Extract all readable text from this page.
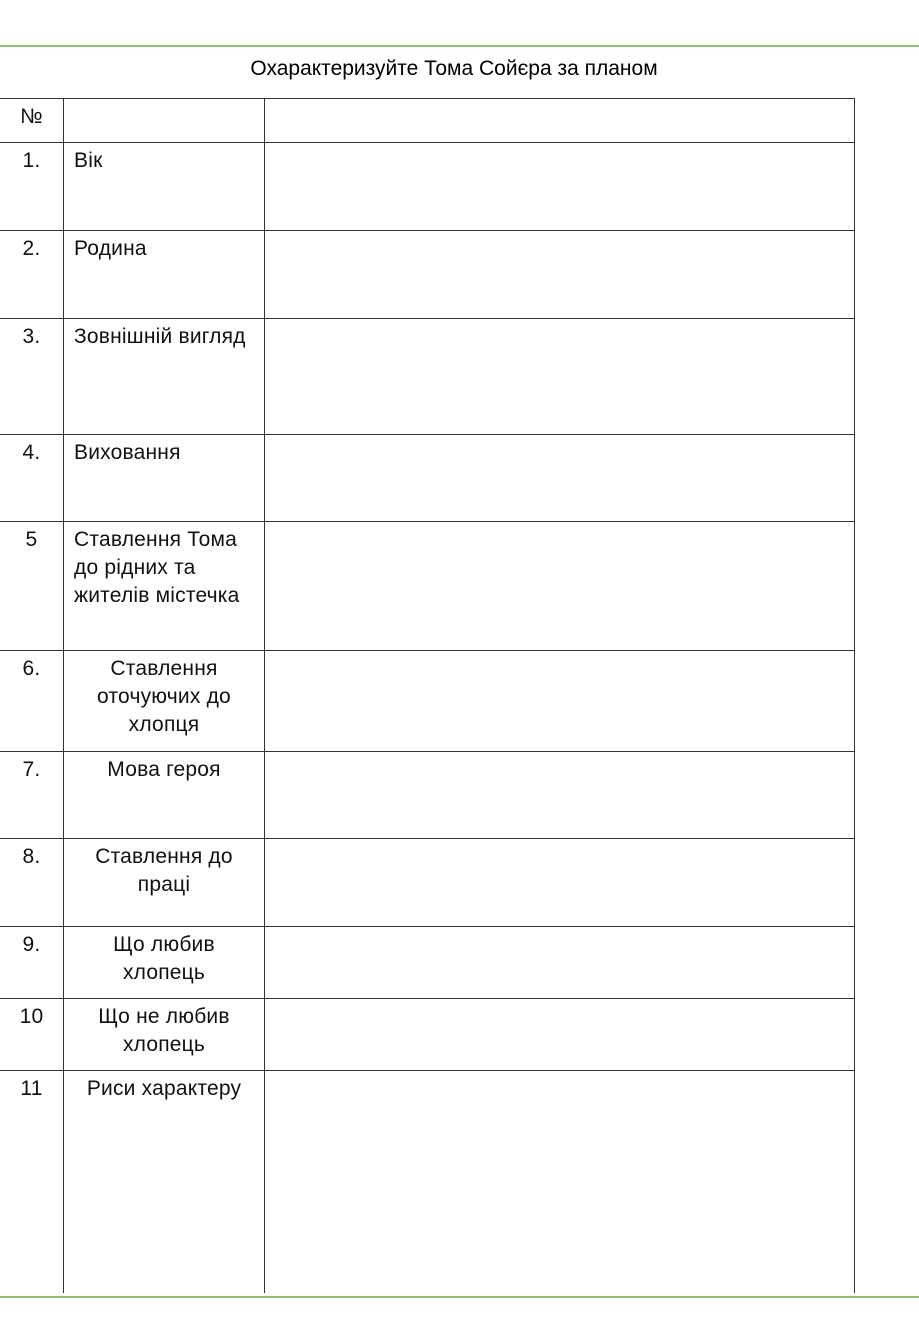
Охарактеризуйте Тома Сойєра за планом
№		
1.	Вік	
2.	Родина	
3.	Зовнішній вигляд	
4.	Виховання	
5	Ставлення Тома до рідних та жителів містечка	
6.	Ставлення оточуючих до хлопця	
7.	Мова героя	
8.	Ставлення до праці	
9.	Що любив хлопець	
10	Що не любив хлопець	
11	Риси характеру	
